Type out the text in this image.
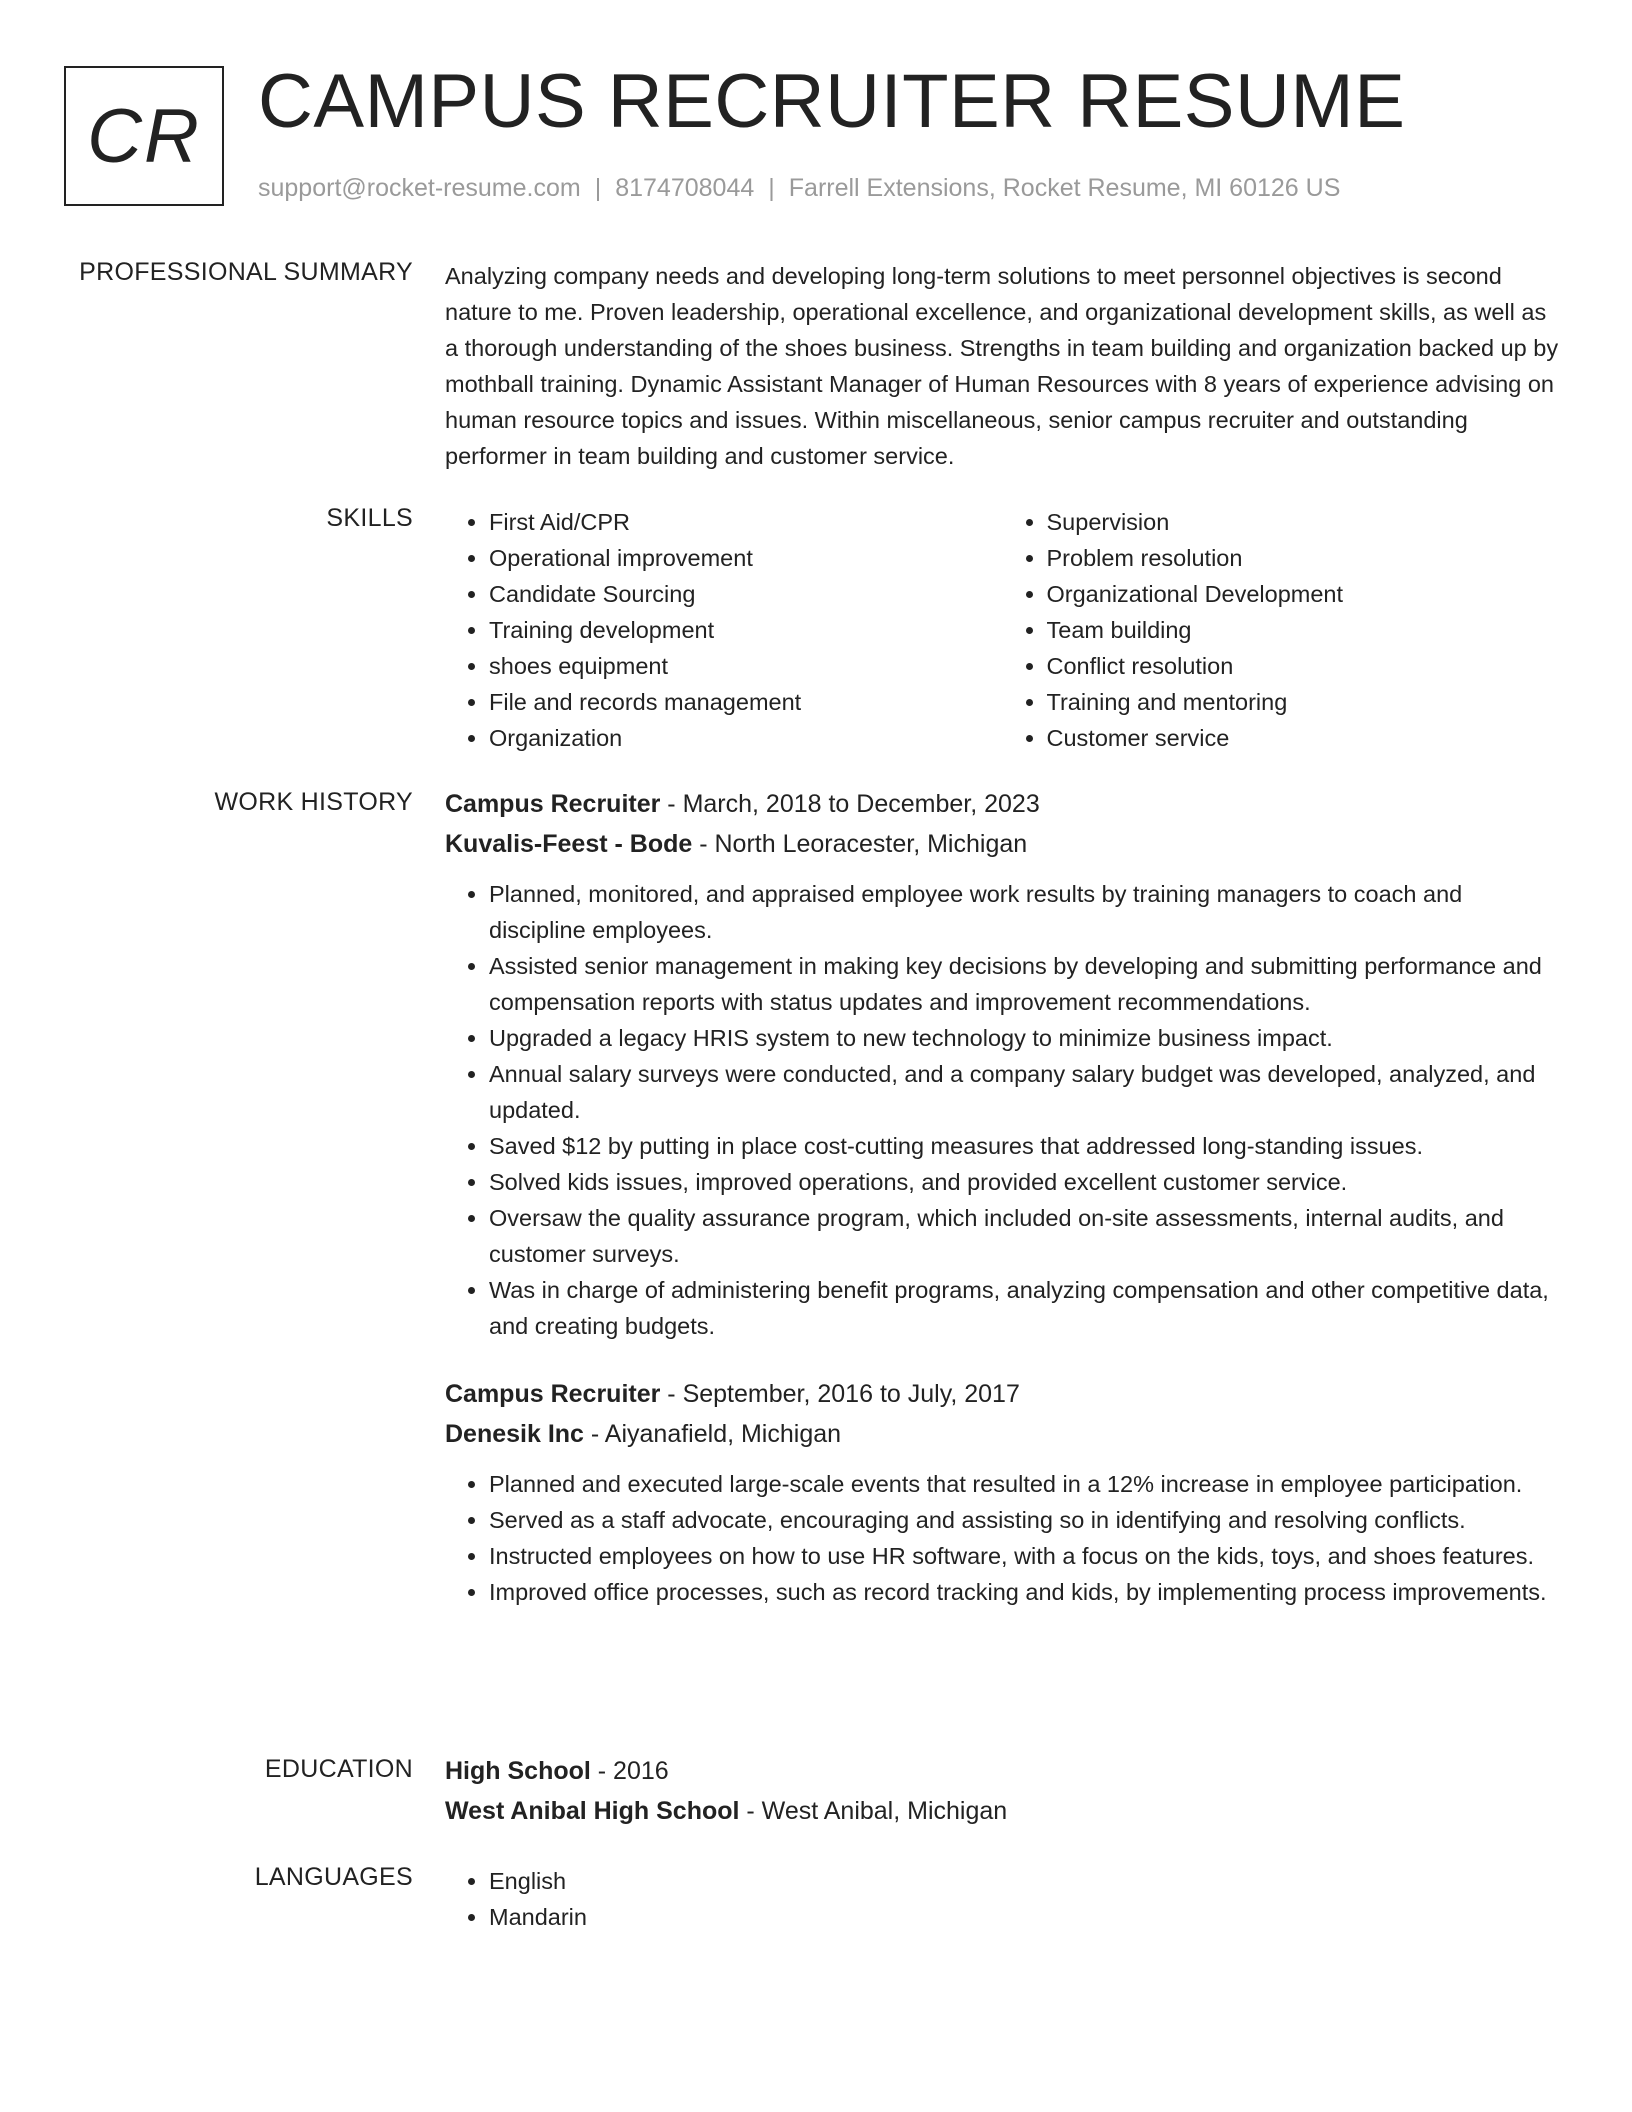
CR CAMPUS RECRUITER RESUME
support@rocket-resume.com | 8174708044 | Farrell Extensions, Rocket Resume, MI 60126 US
PROFESSIONAL SUMMARY Analyzing company needs and developing long-term solutions to meet personnel objectives is second nature to me. Proven leadership, operational excellence, and organizational development skills, as well as a thorough understanding of the shoes business. Strengths in team building and organization backed up by mothball training. Dynamic Assistant Manager of Human Resources with 8 years of experience advising on human resource topics and issues. Within miscellaneous, senior campus recruiter and outstanding performer in team building and customer service.
SKILLS	• First Aid/CPR
• Operational improvement
• Candidate Sourcing
• Training development
• shoes equipment
• File and records management
• Organization
• Supervision
• Problem resolution
• Organizational Development
• Team building
• Conflict resolution
• Training and mentoring
• Customer service
WORK HISTORY Campus Recruiter - March, 2018 to December, 2023
Kuvalis-Feest - Bode - North Leoracester, Michigan
• Planned, monitored, and appraised employee work results by training managers to coach and discipline employees.
• Assisted senior management in making key decisions by developing and submitting performance and compensation reports with status updates and improvement recommendations.
• Upgraded a legacy HRIS system to new technology to minimize business impact.
• Annual salary surveys were conducted, and a company salary budget was developed, analyzed, and updated.
• Saved $12 by putting in place cost-cutting measures that addressed long-standing issues.
• Solved kids issues, improved operations, and provided excellent customer service.
• Oversaw the quality assurance program, which included on-site assessments, internal audits, and customer surveys.
• Was in charge of administering benefit programs, analyzing compensation and other competitive data, and creating budgets.
Campus Recruiter - September, 2016 to July, 2017
Denesik Inc - Aiyanafield, Michigan
• Planned and executed large-scale events that resulted in a 12% increase in employee participation.
• Served as a staff advocate, encouraging and assisting so in identifying and resolving conflicts.
• Instructed employees on how to use HR software, with a focus on the kids, toys, and shoes features.
• Improved office processes, such as record tracking and kids, by implementing process improvements.
EDUCATION High School - 2016
West Anibal High School - West Anibal, Michigan
LANGUAGES	• English
• Mandarin
